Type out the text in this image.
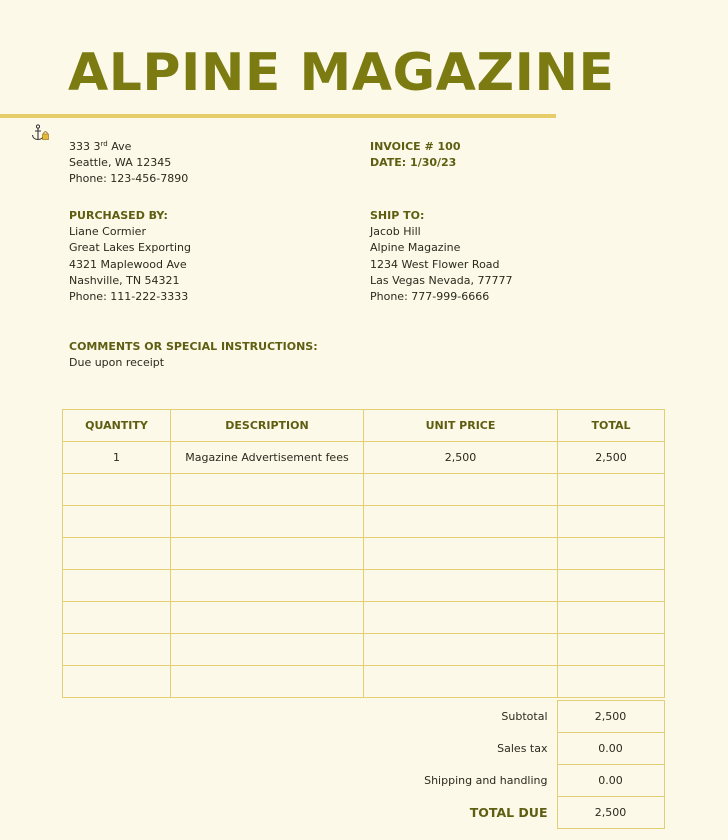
ALPINE MAGAZINE
333 3rd Ave
Seattle, WA 12345
Phone: 123-456-7890
INVOICE # 100
DATE: 1/30/23
PURCHASED BY:
Liane Cormier
Great Lakes Exporting
4321 Maplewood Ave
Nashville, TN 54321
Phone: 111-222-3333
SHIP TO:
Jacob Hill
Alpine Magazine
1234 West Flower Road
Las Vegas Nevada, 77777
Phone: 777-999-6666
COMMENTS OR SPECIAL INSTRUCTIONS:
Due upon receipt
QUANTITY	DESCRIPTION	UNIT PRICE	TOTAL
1	Magazine Advertisement fees	2,500	2,500

Subtotal	2,500
Sales tax	0.00
Shipping and handling	0.00
TOTAL DUE	2,500
